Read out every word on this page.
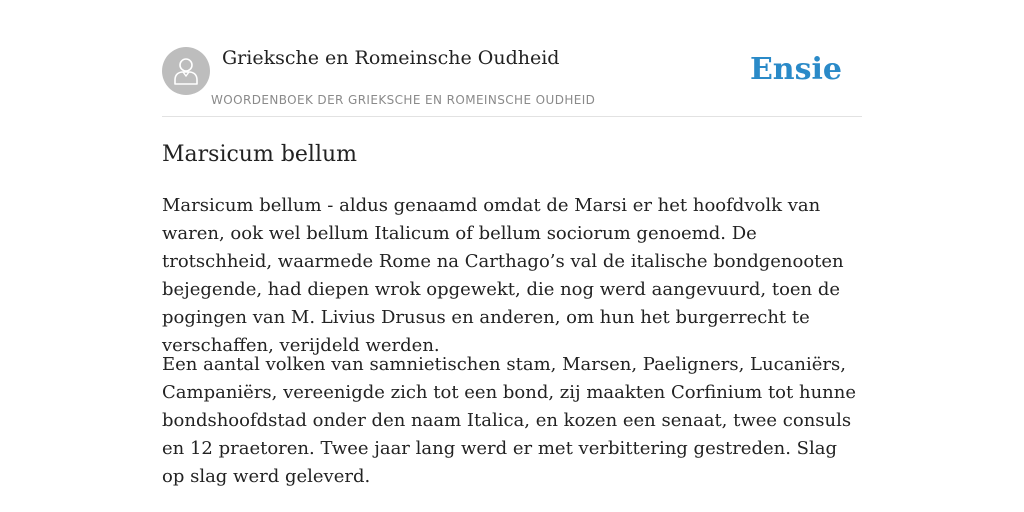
Grieksche en Romeinsche Oudheid
WOORDENBOEK DER GRIEKSCHE EN ROMEINSCHE OUDHEID
Ensie
Marsicum bellum

Marsicum bellum - aldus genaamd omdat de Marsi er het hoofdvolk van waren, ook wel bellum Italicum of bellum sociorum genoemd. De trotschheid, waarmede Rome na Carthago’s val de italische bondgenooten bejegende, had diepen wrok opgewekt, die nog werd aangevuurd, toen de pogingen van M. Livius Drusus en anderen, om hun het burgerrecht te verschaffen, verijdeld werden.

Een aantal volken van samnietischen stam, Marsen, Paeligners, Lucaniërs, Campaniërs, vereenigde zich tot een bond, zij maakten Corfinium tot hunne bondshoofdstad onder den naam Italica, en kozen een senaat, twee consuls en 12 praetoren. Twee jaar lang werd er met verbittering gestreden. Slag op slag werd geleverd.
